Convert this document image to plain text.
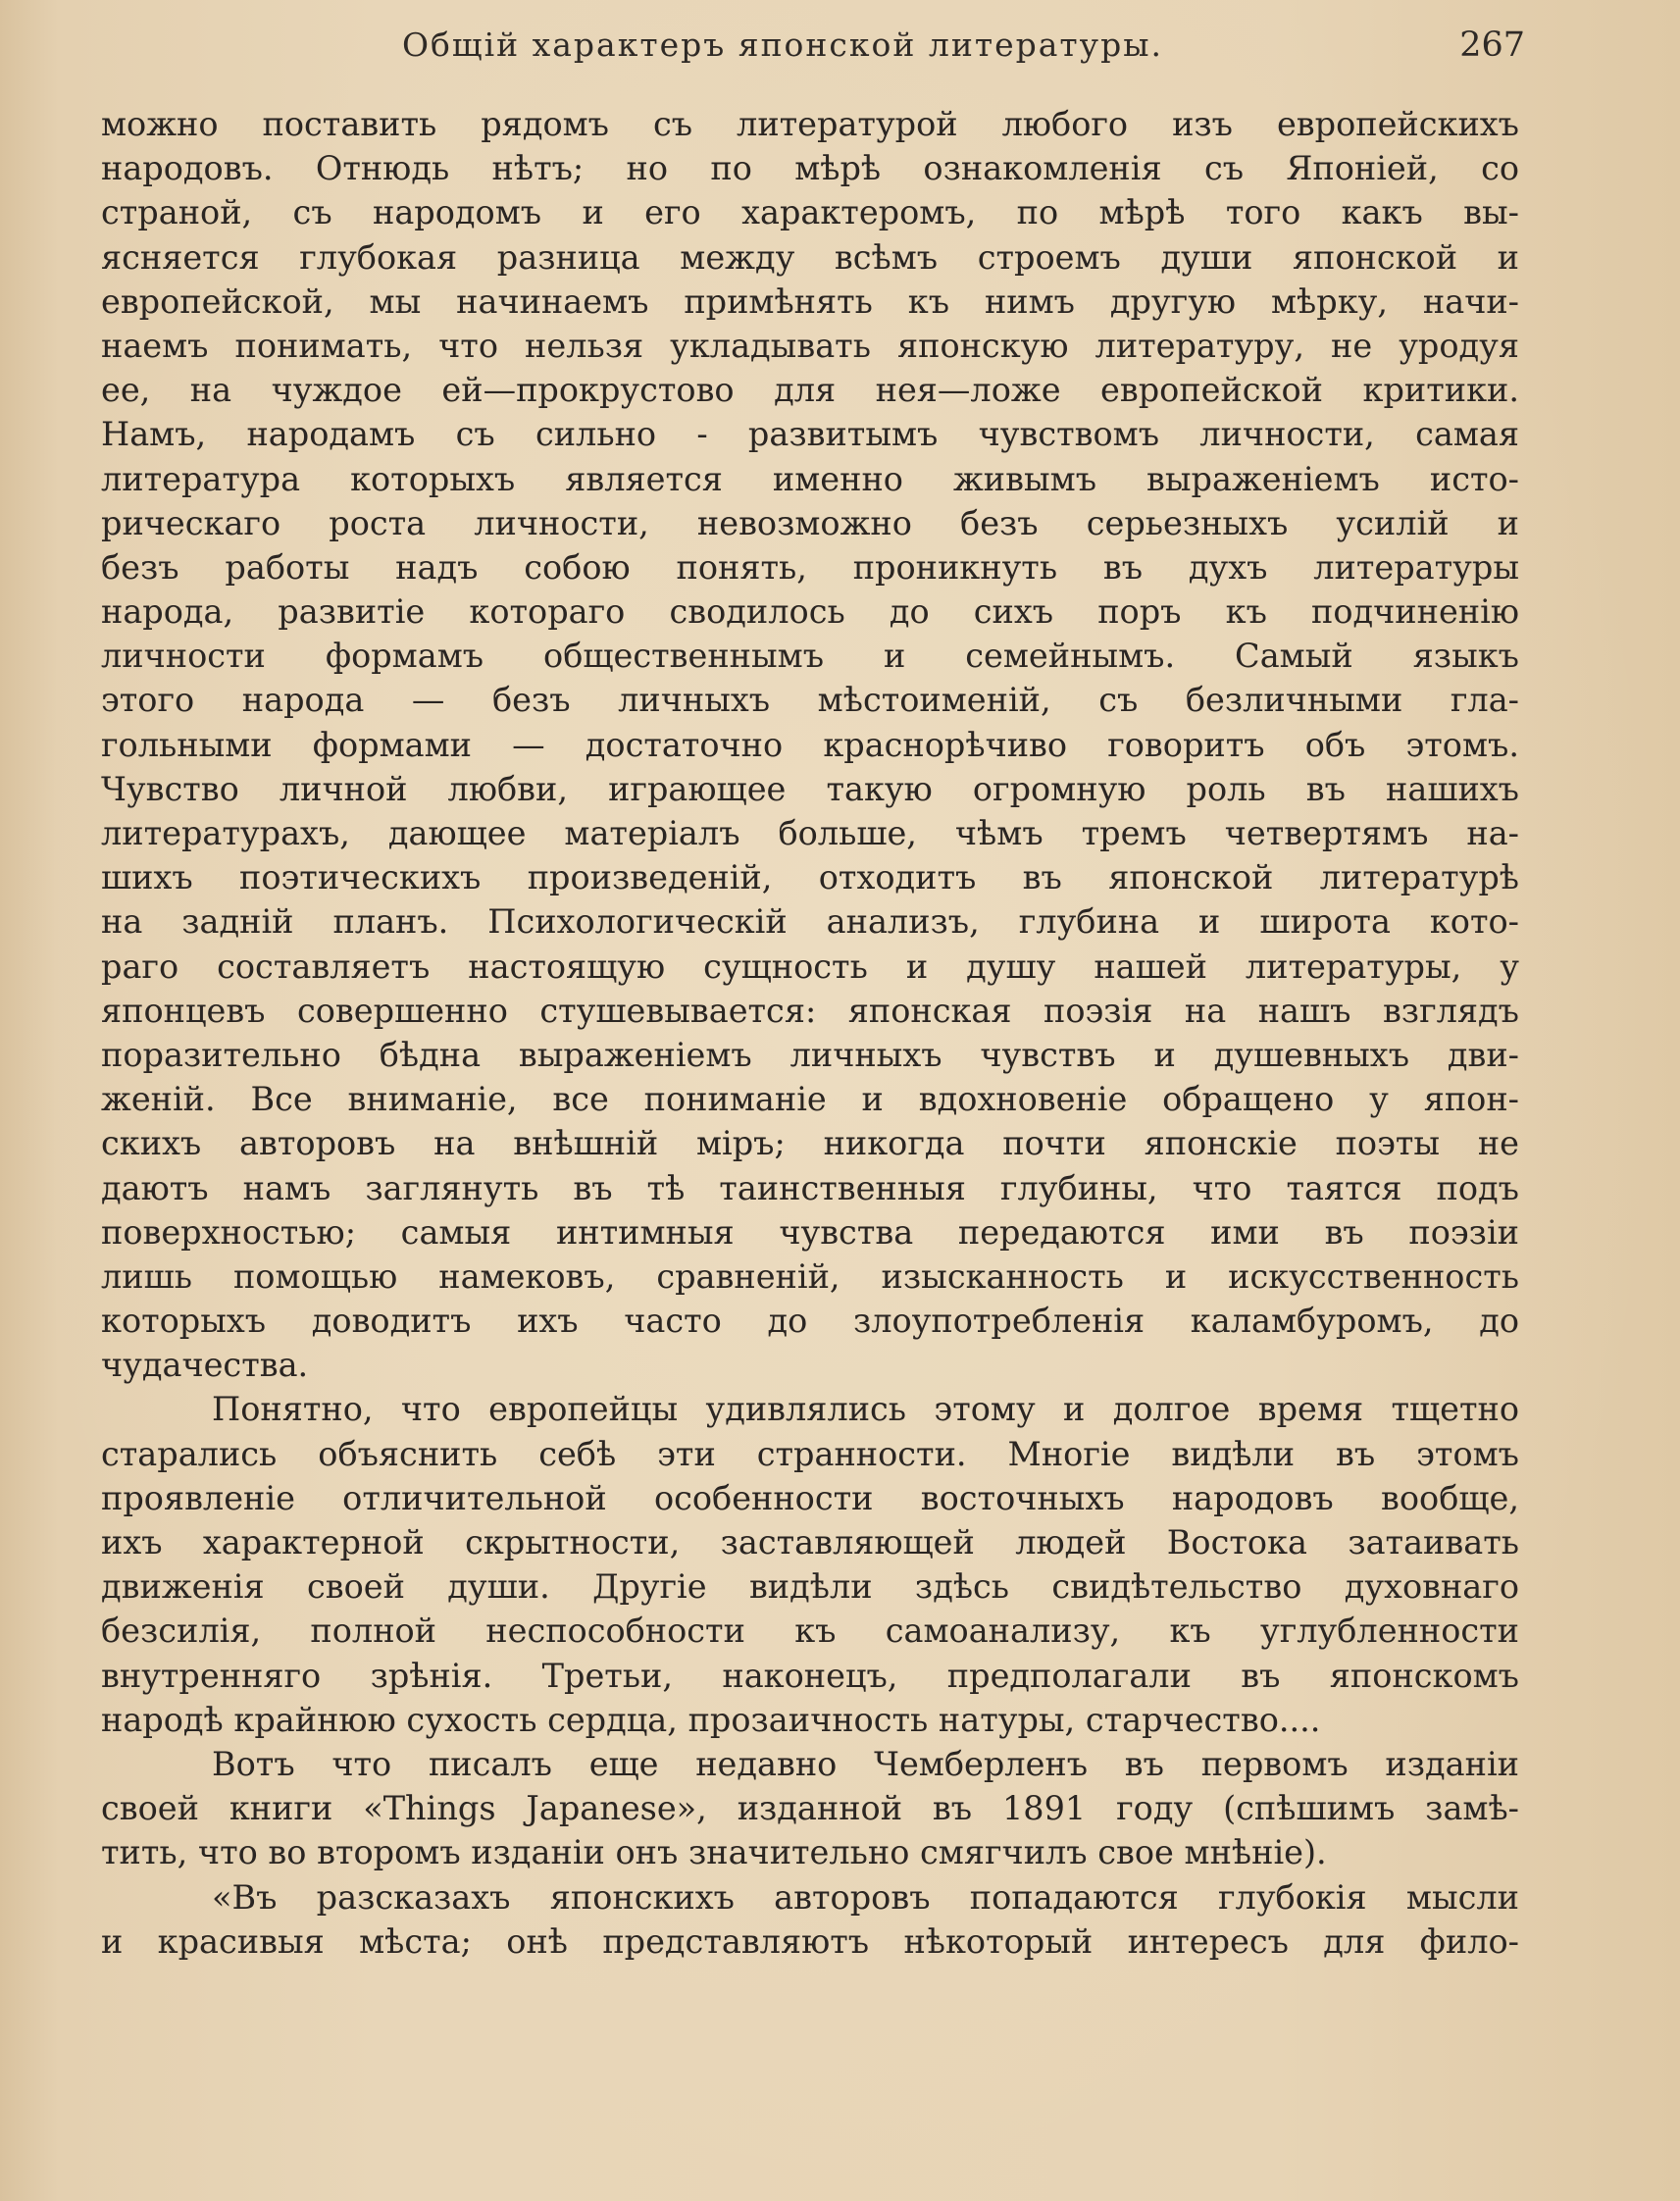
Общій характеръ японской литературы.	267
можно поставить рядомъ съ литературой любого изъ европейскихъ
народовъ. Отнюдь нѣтъ; но по мѣрѣ ознакомленія съ Японіей, со
страной, съ народомъ и его характеромъ, по мѣрѣ того какъ вы-
ясняется глубокая разница между всѣмъ строемъ души японской и
европейской, мы начинаемъ примѣнять къ нимъ другую мѣрку, начи-
наемъ понимать, что нельзя укладывать японскую литературу, не уродуя
ее, на чуждое ей—прокрустово для нея—ложе европейской критики.
Намъ, народамъ съ сильно - развитымъ чувствомъ личности, самая
литература которыхъ является именно живымъ выраженіемъ исто-
рическаго роста личности, невозможно безъ серьезныхъ усилій и
безъ работы надъ собою понять, проникнуть въ духъ литературы
народа, развитіе котораго сводилось до сихъ поръ къ подчиненію
личности формамъ общественнымъ и семейнымъ. Самый языкъ
этого народа — безъ личныхъ мѣстоименій, съ безличными гла-
гольными формами — достаточно краснорѣчиво говоритъ объ этомъ.
Чувство личной любви, играющее такую огромную роль въ нашихъ
литературахъ, дающее матеріалъ больше, чѣмъ тремъ четвертямъ на-
шихъ поэтическихъ произведеній, отходитъ въ японской литературѣ
на задній планъ. Психологическій анализъ, глубина и широта кото-
раго составляетъ настоящую сущность и душу нашей литературы, у
японцевъ совершенно стушевывается: японская поэзія на нашъ взглядъ
поразительно бѣдна выраженіемъ личныхъ чувствъ и душевныхъ дви-
женій. Все вниманіе, все пониманіе и вдохновеніе обращено у япон-
скихъ авторовъ на внѣшній міръ; никогда почти японскіе поэты не
даютъ намъ заглянуть въ тѣ таинственныя глубины, что таятся подъ
поверхностью; самыя интимныя чувства передаются ими въ поэзіи
лишь помощью намековъ, сравненій, изысканность и искусственность
которыхъ доводитъ ихъ часто до злоупотребленія каламбуромъ, до
чудачества.
Понятно, что европейцы удивлялись этому и долгое время тщетно
старались объяснить себѣ эти странности. Многіе видѣли въ этомъ
проявленіе отличительной особенности восточныхъ народовъ вообще,
ихъ характерной скрытности, заставляющей людей Востока затаивать
движенія своей души. Другіе видѣли здѣсь свидѣтельство духовнаго
безсилія, полной неспособности къ самоанализу, къ углубленности
внутренняго зрѣнія. Третьи, наконецъ, предполагали въ японскомъ
народѣ крайнюю сухость сердца, прозаичность натуры, старчество....
Вотъ что писалъ еще недавно Чемберленъ въ первомъ изданіи
своей книги «Things Japanese», изданной въ 1891 году (спѣшимъ замѣ-
тить, что во второмъ изданіи онъ значительно смягчилъ свое мнѣніе).
«Въ разсказахъ японскихъ авторовъ попадаются глубокія мысли
и красивыя мѣста; онѣ представляютъ нѣкоторый интересъ для фило-
